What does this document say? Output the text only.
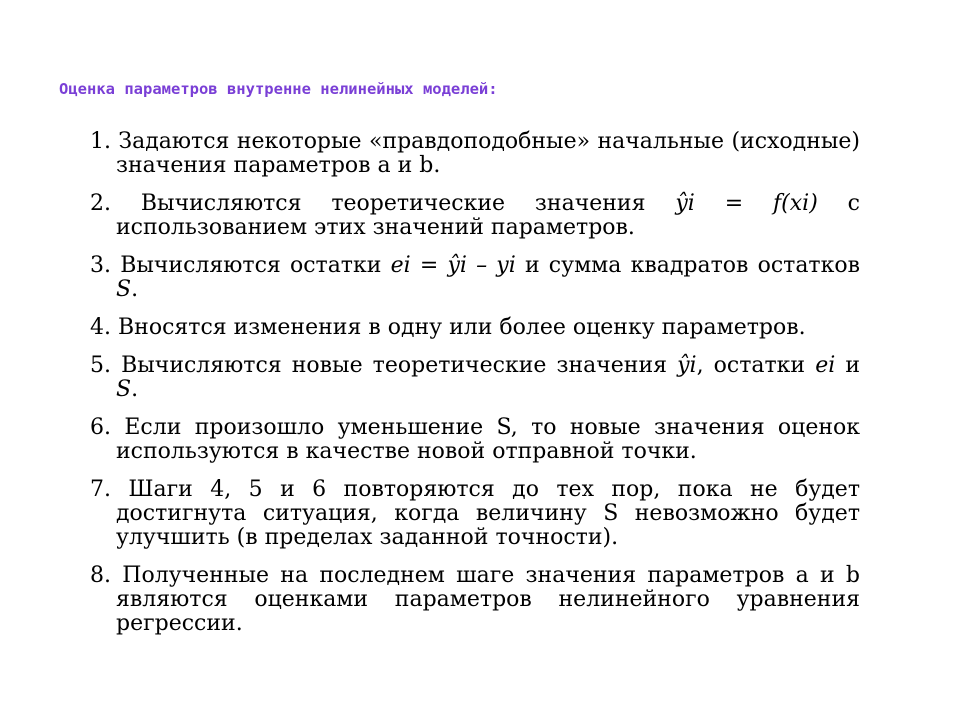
Оценка параметров внутренне нелинейных моделей:
1. Задаются некоторые «правдоподобные» начальные (исходные) значения параметров a и b.
2. Вычисляются теоретические значения ŷi = f(xi) с использованием этих значений параметров.
3. Вычисляются остатки ei = ŷi – yi и сумма квадратов остатков S.
4. Вносятся изменения в одну или более оценку параметров.
5. Вычисляются новые теоретические значения ŷi, остатки ei и S.
6. Если произошло уменьшение S, то новые значения оценок используются в качестве новой отправной точки.
7. Шаги 4, 5 и 6 повторяются до тех пор, пока не будет достигнута ситуация, когда величину S невозможно будет улучшить (в пределах заданной точности).
8. Полученные на последнем шаге значения параметров a и b являются оценками параметров нелинейного уравнения регрессии.
